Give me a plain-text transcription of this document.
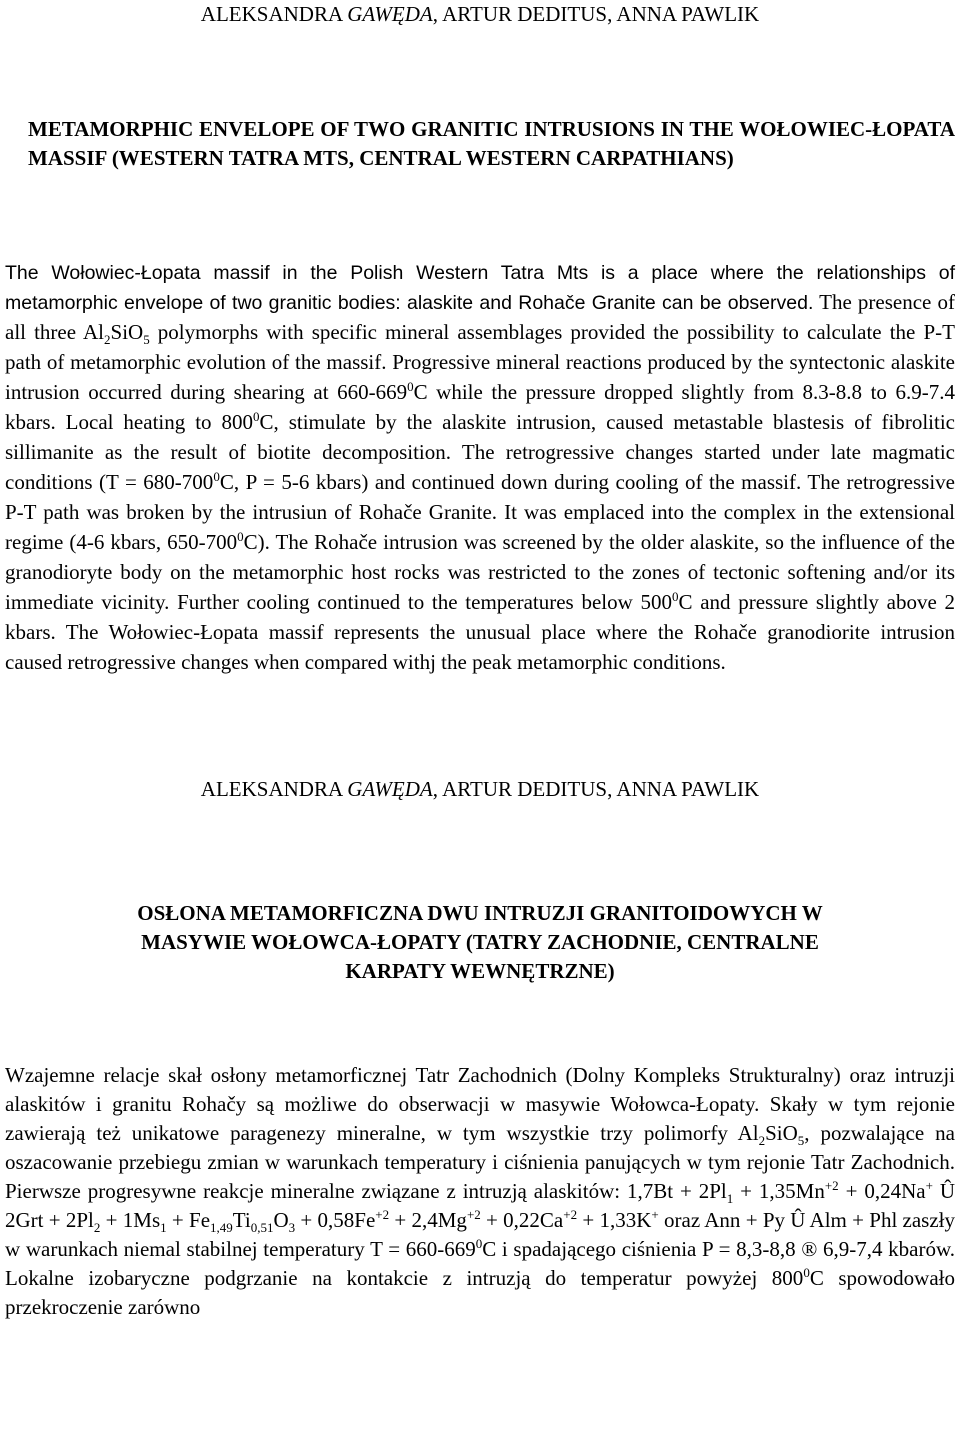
ALEKSANDRA GAWĘDA, ARTUR DEDITUS, ANNA PAWLIK
METAMORPHIC ENVELOPE OF TWO GRANITIC INTRUSIONS IN THE WOŁOWIEC-ŁOPATA MASSIF (WESTERN TATRA MTS, CENTRAL WESTERN CARPATHIANS)

The Wołowiec-Łopata massif in the Polish Western Tatra Mts is a place where the relationships of metamorphic envelope of two granitic bodies: alaskite and Rohače Granite can be observed. The presence of all three $Al_2SiO_5$ polymorphs with specific mineral assemblages provided the possibility to calculate the P-T path of metamorphic evolution of the massif. Progressive mineral reactions produced by the syntectonic alaskite intrusion occurred during shearing at $660-669^0C$ while the pressure dropped slightly from 8.3-8.8 to 6.9-7.4 kbars. Local heating to $800^0C$, stimulate by the alaskite intrusion, caused metastable blastesis of fibrolitic sillimanite as the result of biotite decomposition. The retrogressive changes started under late magmatic conditions ($T = 680-700^0C$, P = 5-6 kbars) and continued down during cooling of the massif. The retrogressive P-T path was broken by the intrusiun of Rohače Granite. It was emplaced into the complex in the extensional regime (4-6 kbars, $650-700^0C$). The Rohače intrusion was screened by the older alaskite, so the influence of the granodioryte body on the metamorphic host rocks was restricted to the zones of tectonic softening and/or its immediate vicinity. Further cooling continued to the temperatures below $500^0C$ and pressure slightly above 2 kbars. The Wołowiec-Łopata massif represents the unusual place where the Rohače granodiorite intrusion caused retrogressive changes when compared withj the peak metamorphic conditions.

ALEKSANDRA GAWĘDA, ARTUR DEDITUS, ANNA PAWLIK
OSŁONA METAMORFICZNA DWU INTRUZJI GRANITOIDOWYCH W
MASYWIE WOŁOWCA-ŁOPATY (TATRY ZACHODNIE, CENTRALNE
KARPATY WEWNĘTRZNE)

Wzajemne relacje skał osłony metamorficznej Tatr Zachodnich (Dolny Kompleks Strukturalny) oraz intruzji alaskitów i granitu Rohačy są możliwe do obserwacji w masywie Wołowca-Łopaty. Skały w tym rejonie zawierają też unikatowe paragenezy mineralne, w tym wszystkie trzy polimorfy $Al_2SiO_5$, pozwalające na oszacowanie przebiegu zmian w warunkach temperatury i ciśnienia panujących w tym rejonie Tatr Zachodnich. Pierwsze progresywne reakcje mineralne związane z intruzją alaskitów: $1,7Bt + 2Pl_1 + 1,35Mn^{+2} + 0,24Na^+$ Û $2Grt + 2Pl_2 + 1Ms_1 + Fe_{1,49}Ti_{0,51}O_3 + 0,58Fe^{+2} + 2,4Mg^{+2} + 0,22Ca^{+2} + 1,33K^+$ oraz Ann + Py Û Alm + Phl zaszły w warunkach niemal stabilnej temperatury $T = 660-669^0C$ i spadającego ciśnienia P = 8,3-8,8 ® 6,9-7,4 kbarów. Lokalne izobaryczne podgrzanie na kontakcie z intruzją do temperatur powyżej $800^0C$ spowodowało przekroczenie zarówno
